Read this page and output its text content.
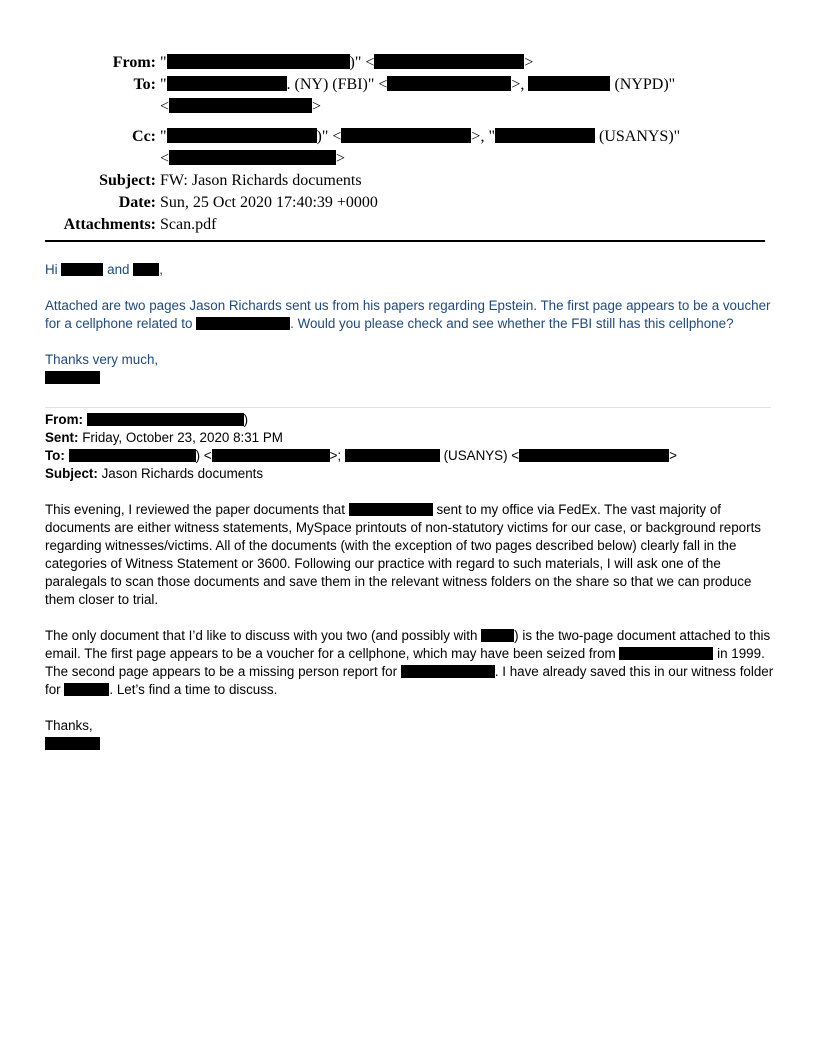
From: "	)" <	>
To: "	. (NY) (FBI)" <	>,	(NYPD)"
<	>
Cc: "	)" <	>, "	(USANYS)"
<	>
Subject: FW: Jason Richards documents
Date: Sun, 25 Oct 2020 17:40:39 +0000
Attachments: Scan.pdf

Hi	and ,

Attached are two pages Jason Richards sent us from his papers regarding Epstein. The first page appears to be a voucher for a cellphone related to	. Would you please check and see whether the FBI still has this cellphone?

Thanks very much,

From:	)

Sent: Friday, October 23, 2020 8:31 PM

To:	) <	>;	(USANYS) <	>

Subject: Jason Richards documents

This evening, I reviewed the paper documents that	sent to my office via FedEx. The vast majority of documents are either witness statements, MySpace printouts of non-statutory victims for our case, or background reports regarding witnesses/victims. All of the documents (with the exception of two pages described below) clearly fall in the categories of Witness Statement or 3600. Following our practice with regard to such materials, I will ask one of the paralegals to scan those documents and save them in the relevant witness folders on the share so that we can produce them closer to trial.

The only document that I’d like to discuss with you two (and possibly with	) is the two-page document attached to this email. The first page appears to be a voucher for a cellphone, which may have been seized from	in 1999. The second page appears to be a missing person report for	. I have already saved this in our witness folder for	. Let’s find a time to discuss.

Thanks,
